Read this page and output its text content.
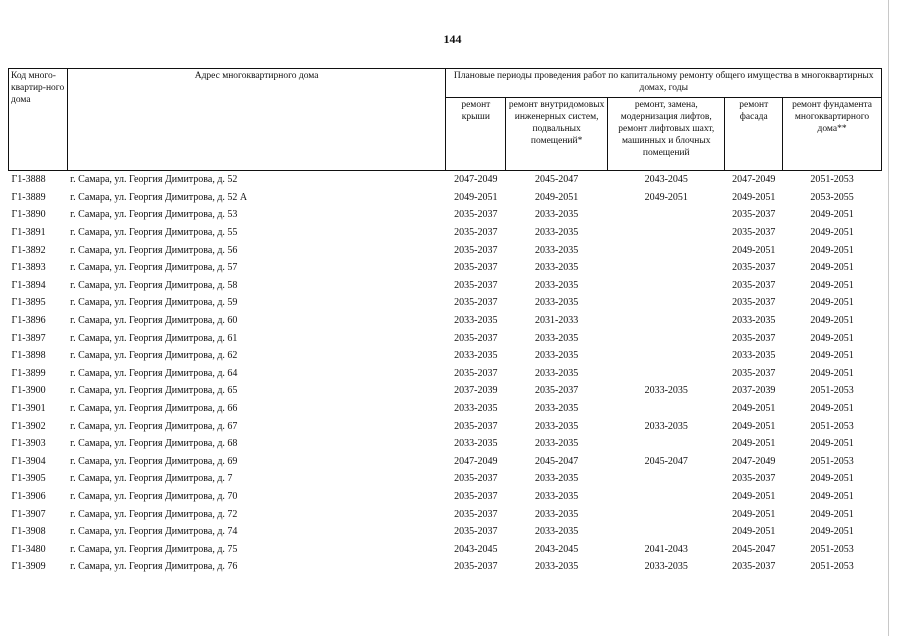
144
Код много-квартир-ного дома	Адрес многоквартирного дома	Плановые периоды проведения работ по капитальному ремонту общего имущества в многоквартирных домах, годы				
		ремонт крыши	ремонт внутридомовых инженерных систем, подвальных помещений*	ремонт, замена, модернизация лифтов, ремонт лифтовых шахт, машинных и блочных помещений	ремонт фасада	ремонт фундамента многоквартирного дома**
Г1-3888	г. Самара, ул. Георгия Димитрова, д. 52	2047-2049	2045-2047	2043-2045	2047-2049	2051-2053
Г1-3889	г. Самара, ул. Георгия Димитрова, д. 52 А	2049-2051	2049-2051	2049-2051	2049-2051	2053-2055
Г1-3890	г. Самара, ул. Георгия Димитрова, д. 53	2035-2037	2033-2035		2035-2037	2049-2051
Г1-3891	г. Самара, ул. Георгия Димитрова, д. 55	2035-2037	2033-2035		2035-2037	2049-2051
Г1-3892	г. Самара, ул. Георгия Димитрова, д. 56	2035-2037	2033-2035		2049-2051	2049-2051
Г1-3893	г. Самара, ул. Георгия Димитрова, д. 57	2035-2037	2033-2035		2035-2037	2049-2051
Г1-3894	г. Самара, ул. Георгия Димитрова, д. 58	2035-2037	2033-2035		2035-2037	2049-2051
Г1-3895	г. Самара, ул. Георгия Димитрова, д. 59	2035-2037	2033-2035		2035-2037	2049-2051
Г1-3896	г. Самара, ул. Георгия Димитрова, д. 60	2033-2035	2031-2033		2033-2035	2049-2051
Г1-3897	г. Самара, ул. Георгия Димитрова, д. 61	2035-2037	2033-2035		2035-2037	2049-2051
Г1-3898	г. Самара, ул. Георгия Димитрова, д. 62	2033-2035	2033-2035		2033-2035	2049-2051
Г1-3899	г. Самара, ул. Георгия Димитрова, д. 64	2035-2037	2033-2035		2035-2037	2049-2051
Г1-3900	г. Самара, ул. Георгия Димитрова, д. 65	2037-2039	2035-2037	2033-2035	2037-2039	2051-2053
Г1-3901	г. Самара, ул. Георгия Димитрова, д. 66	2033-2035	2033-2035		2049-2051	2049-2051
Г1-3902	г. Самара, ул. Георгия Димитрова, д. 67	2035-2037	2033-2035	2033-2035	2049-2051	2051-2053
Г1-3903	г. Самара, ул. Георгия Димитрова, д. 68	2033-2035	2033-2035		2049-2051	2049-2051
Г1-3904	г. Самара, ул. Георгия Димитрова, д. 69	2047-2049	2045-2047	2045-2047	2047-2049	2051-2053
Г1-3905	г. Самара, ул. Георгия Димитрова, д. 7	2035-2037	2033-2035		2035-2037	2049-2051
Г1-3906	г. Самара, ул. Георгия Димитрова, д. 70	2035-2037	2033-2035		2049-2051	2049-2051
Г1-3907	г. Самара, ул. Георгия Димитрова, д. 72	2035-2037	2033-2035		2049-2051	2049-2051
Г1-3908	г. Самара, ул. Георгия Димитрова, д. 74	2035-2037	2033-2035		2049-2051	2049-2051
Г1-3480	г. Самара, ул. Георгия Димитрова, д. 75	2043-2045	2043-2045	2041-2043	2045-2047	2051-2053
Г1-3909	г. Самара, ул. Георгия Димитрова, д. 76	2035-2037	2033-2035	2033-2035	2035-2037	2051-2053
